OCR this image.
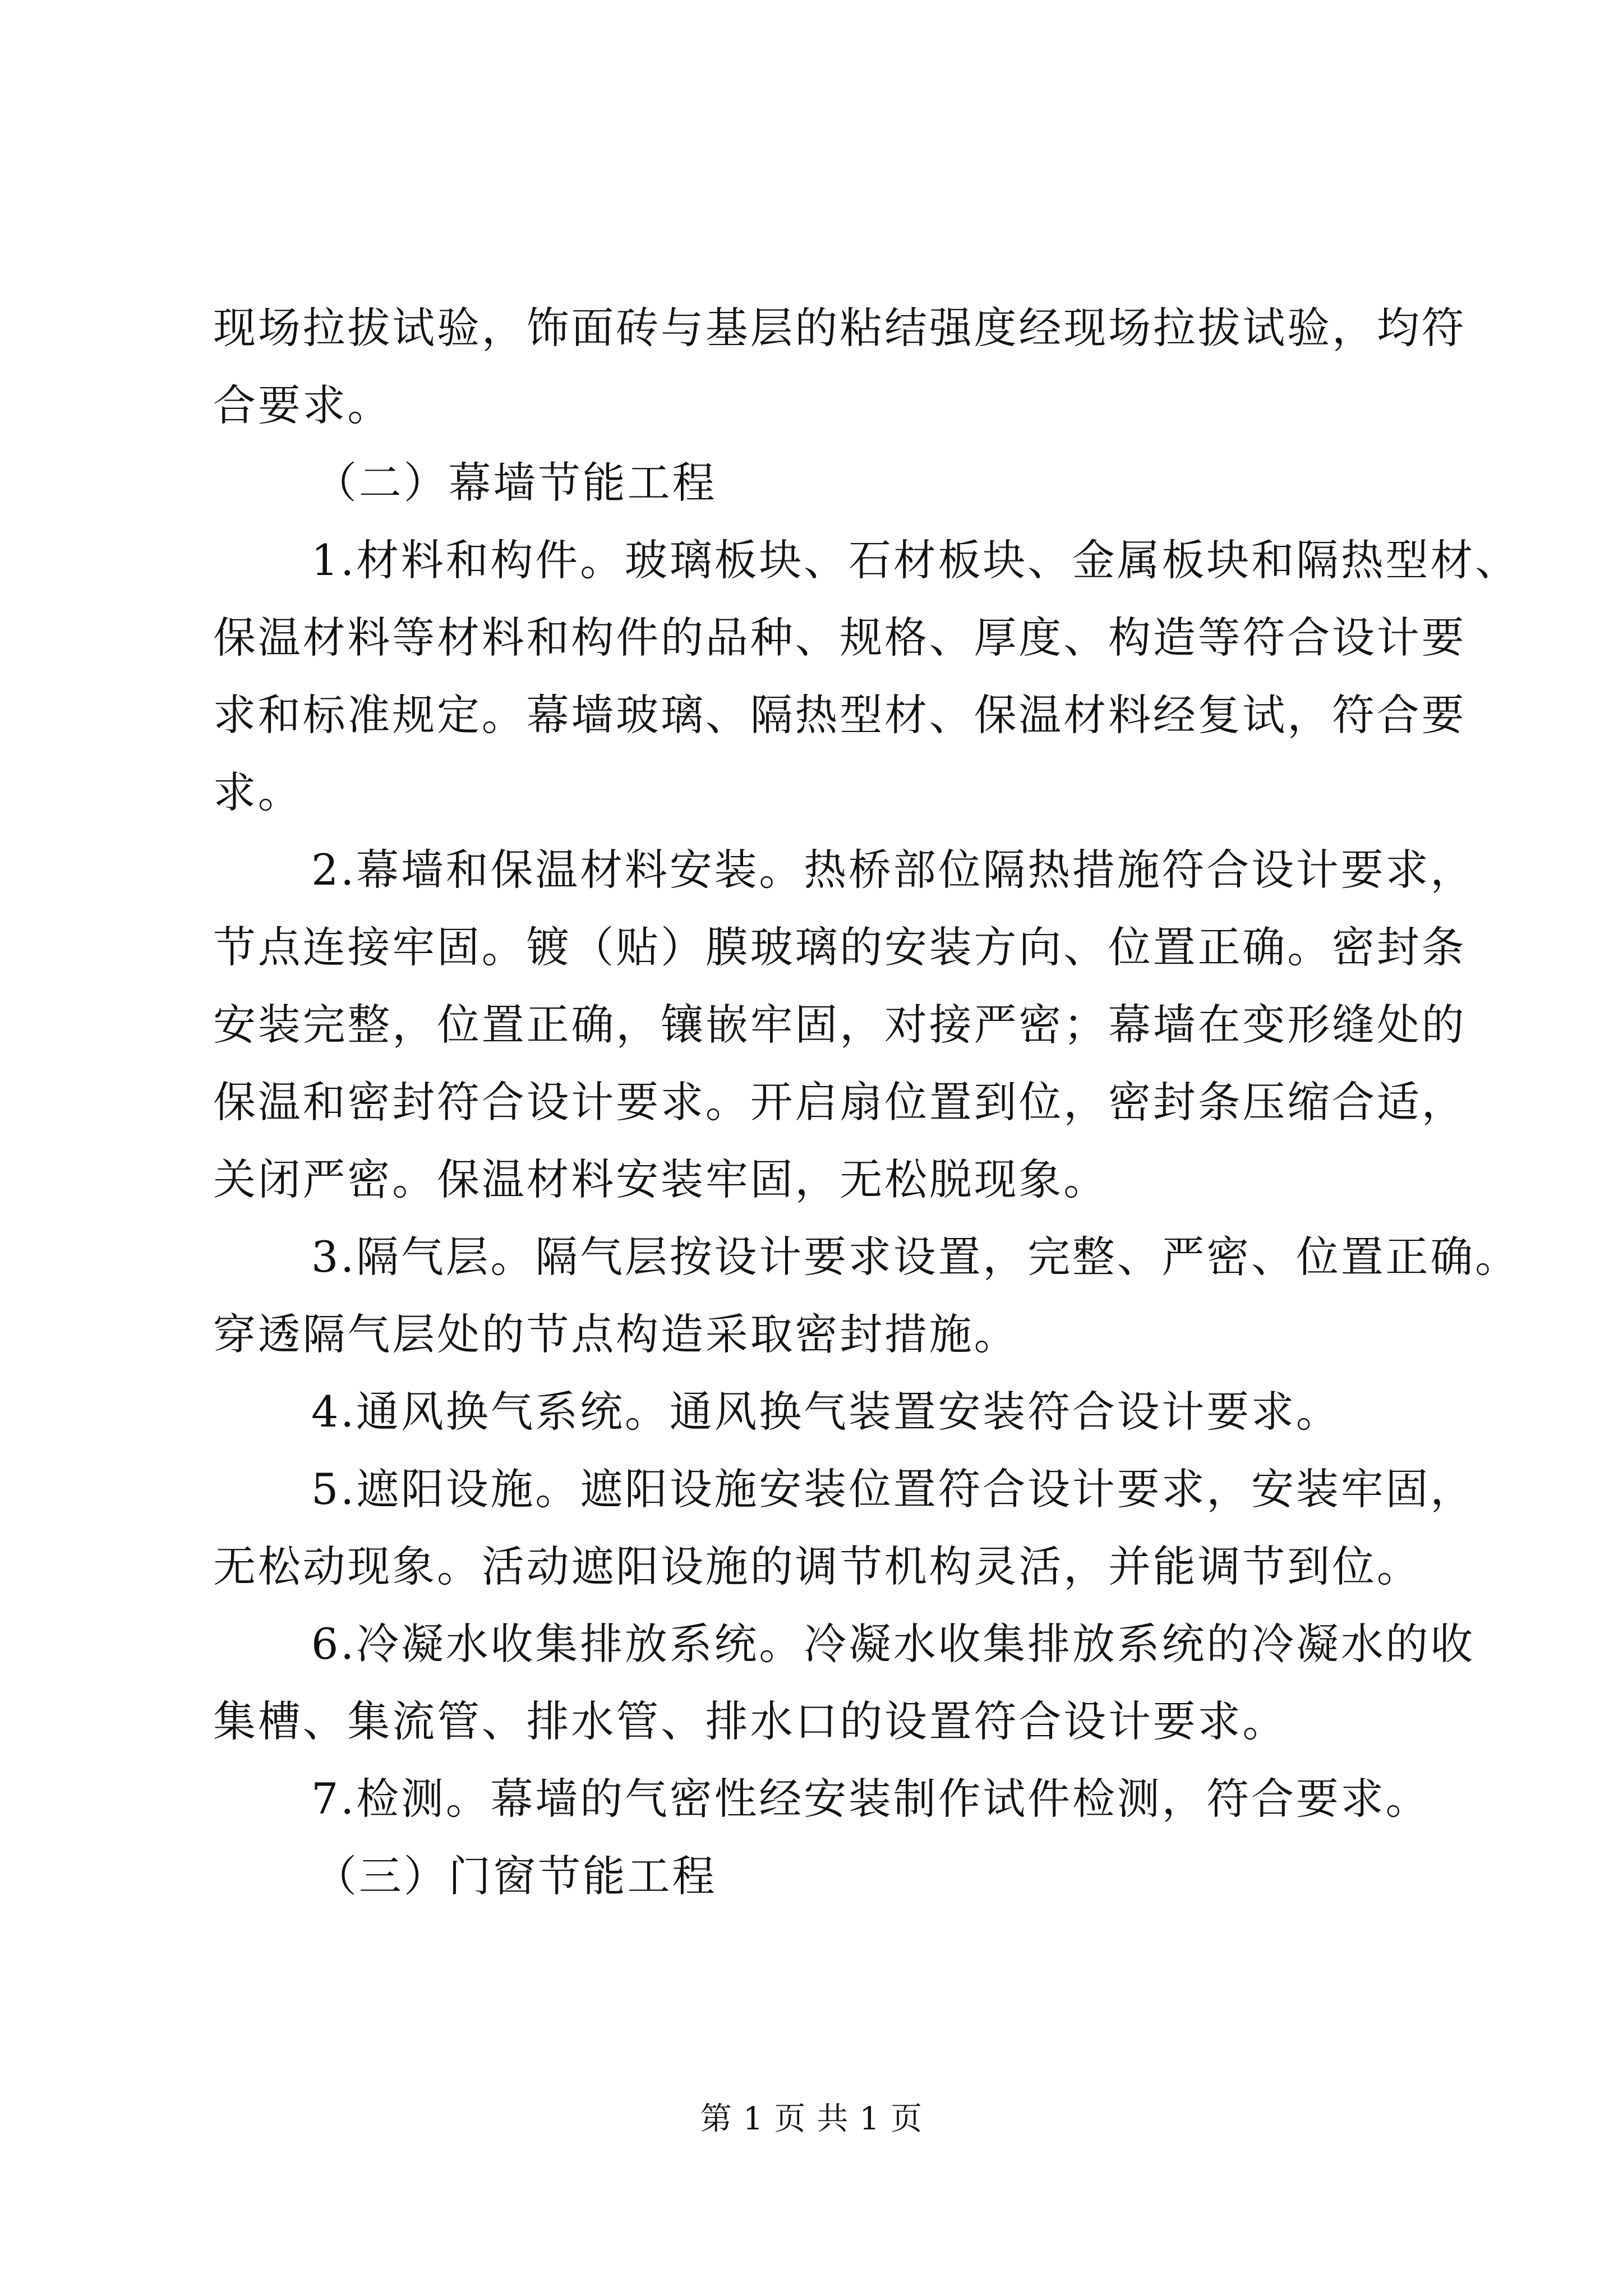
现场拉拔试验，饰面砖与基层的粘结强度经现场拉拔试验，均符
合要求。
（二）幕墙节能工程
1.材料和构件。玻璃板块、石材板块、金属板块和隔热型材、
保温材料等材料和构件的品种、规格、厚度、构造等符合设计要
求和标准规定。幕墙玻璃、隔热型材、保温材料经复试，符合要
求。
2.幕墙和保温材料安装。热桥部位隔热措施符合设计要求，
节点连接牢固。镀（贴）膜玻璃的安装方向、位置正确。密封条
安装完整，位置正确，镶嵌牢固，对接严密；幕墙在变形缝处的
保温和密封符合设计要求。开启扇位置到位，密封条压缩合适，
关闭严密。保温材料安装牢固，无松脱现象。
3.隔气层。隔气层按设计要求设置，完整、严密、位置正确。
穿透隔气层处的节点构造采取密封措施。
4.通风换气系统。通风换气装置安装符合设计要求。
5.遮阳设施。遮阳设施安装位置符合设计要求，安装牢固，
无松动现象。活动遮阳设施的调节机构灵活，并能调节到位。
6.冷凝水收集排放系统。冷凝水收集排放系统的冷凝水的收
集槽、集流管、排水管、排水口的设置符合设计要求。
7.检测。幕墙的气密性经安装制作试件检测，符合要求。
（三）门窗节能工程
第 1 页 共 1 页
